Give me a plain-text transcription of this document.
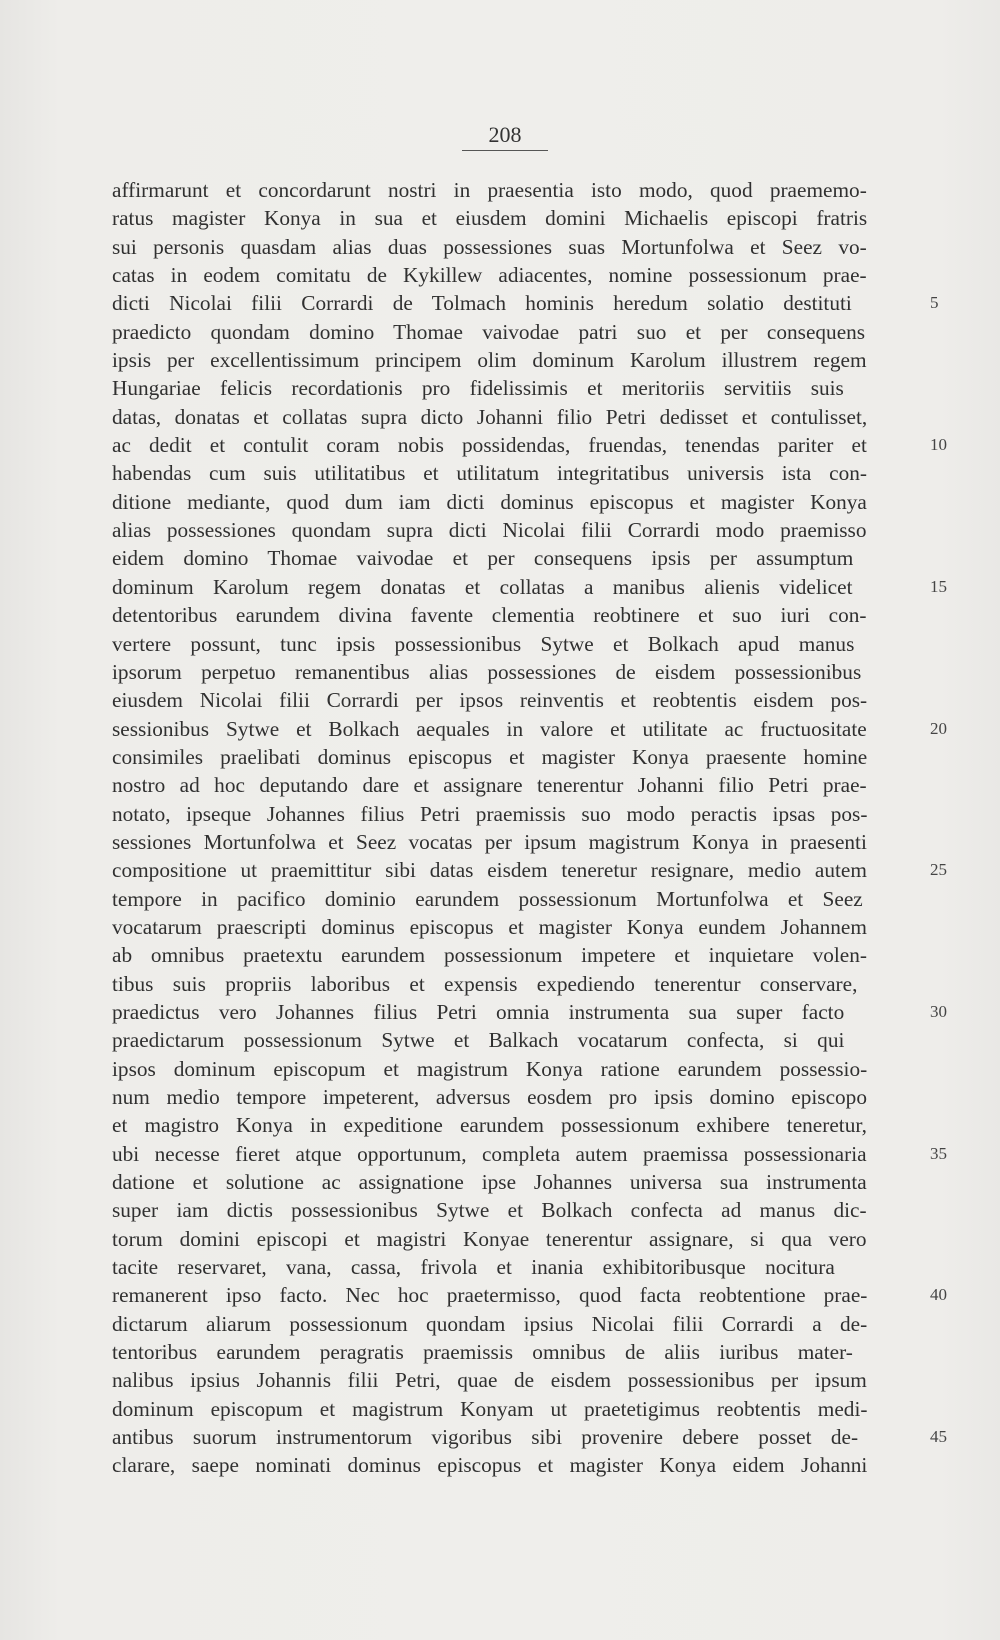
208
affirmarunt et concordarunt nostri in praesentia isto modo, quod praememo-
ratus magister Konya in sua et eiusdem domini Michaelis episcopi fratris
sui personis quasdam alias duas possessiones suas Mortunfolwa et Seez vo-
catas in eodem comitatu de Kykillew adiacentes, nomine possessionum prae-
dicti Nicolai filii Corrardi de Tolmach hominis heredum solatio destituti	5
praedicto quondam domino Thomae vaivodae patri suo et per consequens
ipsis per excellentissimum principem olim dominum Karolum illustrem regem
Hungariae felicis recordationis pro fidelissimis et meritoriis servitiis suis
datas, donatas et collatas supra dicto Johanni filio Petri dedisset et contulisset,
ac dedit et contulit coram nobis possidendas, fruendas, tenendas pariter et	10
habendas cum suis utilitatibus et utilitatum integritatibus universis ista con-
ditione mediante, quod dum iam dicti dominus episcopus et magister Konya
alias possessiones quondam supra dicti Nicolai filii Corrardi modo praemisso
eidem domino Thomae vaivodae et per consequens ipsis per assumptum
dominum Karolum regem donatas et collatas a manibus alienis videlicet	15
detentoribus earundem divina favente clementia reobtinere et suo iuri con-
vertere possunt, tunc ipsis possessionibus Sytwe et Bolkach apud manus
ipsorum perpetuo remanentibus alias possessiones de eisdem possessionibus
eiusdem Nicolai filii Corrardi per ipsos reinventis et reobtentis eisdem pos-
sessionibus Sytwe et Bolkach aequales in valore et utilitate ac fructuositate	20
consimiles praelibati dominus episcopus et magister Konya praesente homine
nostro ad hoc deputando dare et assignare tenerentur Johanni filio Petri prae-
notato, ipseque Johannes filius Petri praemissis suo modo peractis ipsas pos-
sessiones Mortunfolwa et Seez vocatas per ipsum magistrum Konya in praesenti
compositione ut praemittitur sibi datas eisdem teneretur resignare, medio autem	25
tempore in pacifico dominio earundem possessionum Mortunfolwa et Seez
vocatarum praescripti dominus episcopus et magister Konya eundem Johannem
ab omnibus praetextu earundem possessionum impetere et inquietare volen-
tibus suis propriis laboribus et expensis expediendo tenerentur conservare,
praedictus vero Johannes filius Petri omnia instrumenta sua super facto	30
praedictarum possessionum Sytwe et Balkach vocatarum confecta, si qui
ipsos dominum episcopum et magistrum Konya ratione earundem possessio-
num medio tempore impeterent, adversus eosdem pro ipsis domino episcopo
et magistro Konya in expeditione earundem possessionum exhibere teneretur,
ubi necesse fieret atque opportunum, completa autem praemissa possessionaria	35
datione et solutione ac assignatione ipse Johannes universa sua instrumenta
super iam dictis possessionibus Sytwe et Bolkach confecta ad manus dic-
torum domini episcopi et magistri Konyae tenerentur assignare, si qua vero
tacite reservaret, vana, cassa, frivola et inania exhibitoribusque nocitura
remanerent ipso facto. Nec hoc praetermisso, quod facta reobtentione prae-	40
dictarum aliarum possessionum quondam ipsius Nicolai filii Corrardi a de-
tentoribus earundem peragratis praemissis omnibus de aliis iuribus mater-
nalibus ipsius Johannis filii Petri, quae de eisdem possessionibus per ipsum
dominum episcopum et magistrum Konyam ut praetetigimus reobtentis medi-
antibus suorum instrumentorum vigoribus sibi provenire debere posset de-	45
clarare, saepe nominati dominus episcopus et magister Konya eidem Johanni
